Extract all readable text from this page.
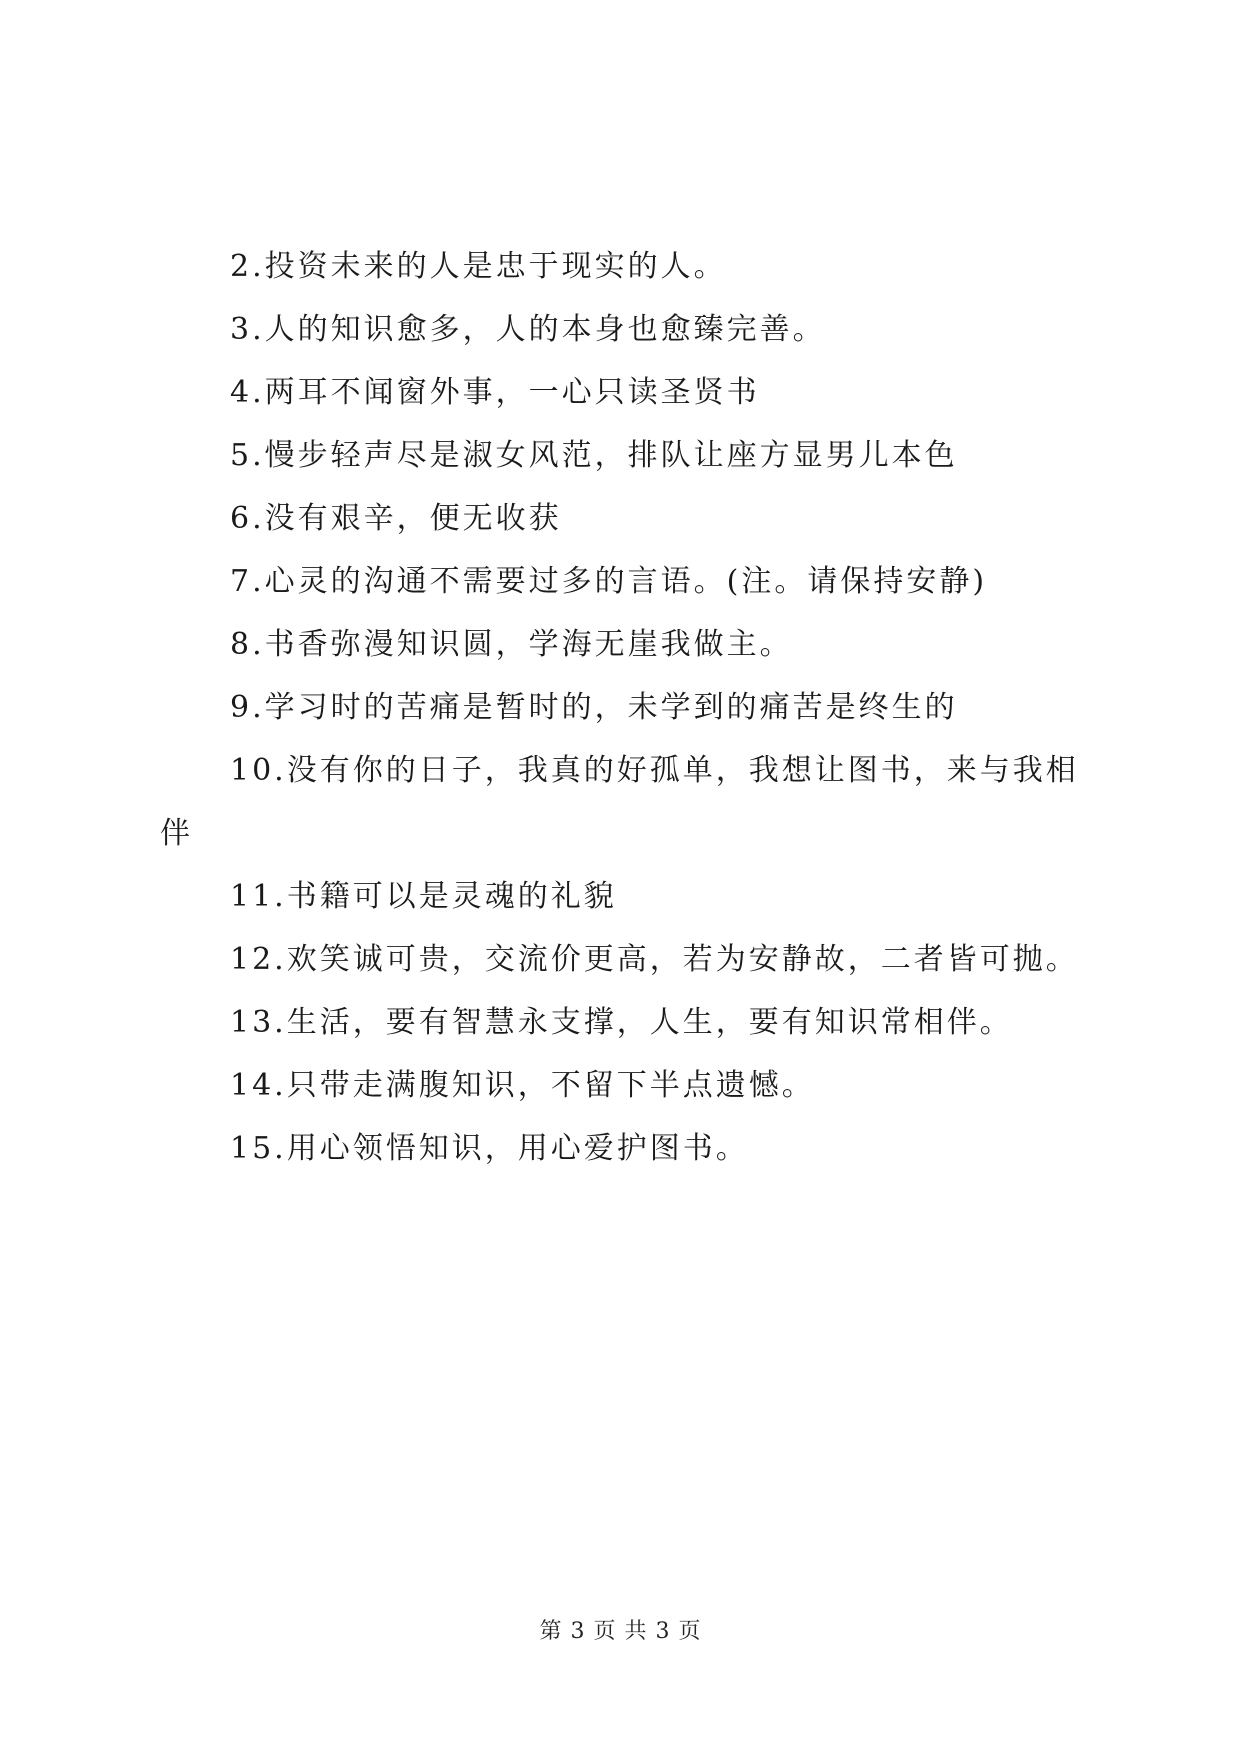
2.投资未来的人是忠于现实的人。
3.人的知识愈多，人的本身也愈臻完善。
4.两耳不闻窗外事，一心只读圣贤书
5.慢步轻声尽是淑女风范，排队让座方显男儿本色
6.没有艰辛，便无收获
7.心灵的沟通不需要过多的言语。(注。请保持安静)
8.书香弥漫知识圆，学海无崖我做主。
9.学习时的苦痛是暂时的，未学到的痛苦是终生的
10.没有你的日子，我真的好孤单，我想让图书，来与我相
伴
11.书籍可以是灵魂的礼貌
12.欢笑诚可贵，交流价更高，若为安静故，二者皆可抛。
13.生活，要有智慧永支撑，人生，要有知识常相伴。
14.只带走满腹知识，不留下半点遗憾。
15.用心领悟知识，用心爱护图书。
第 3 页 共 3 页
